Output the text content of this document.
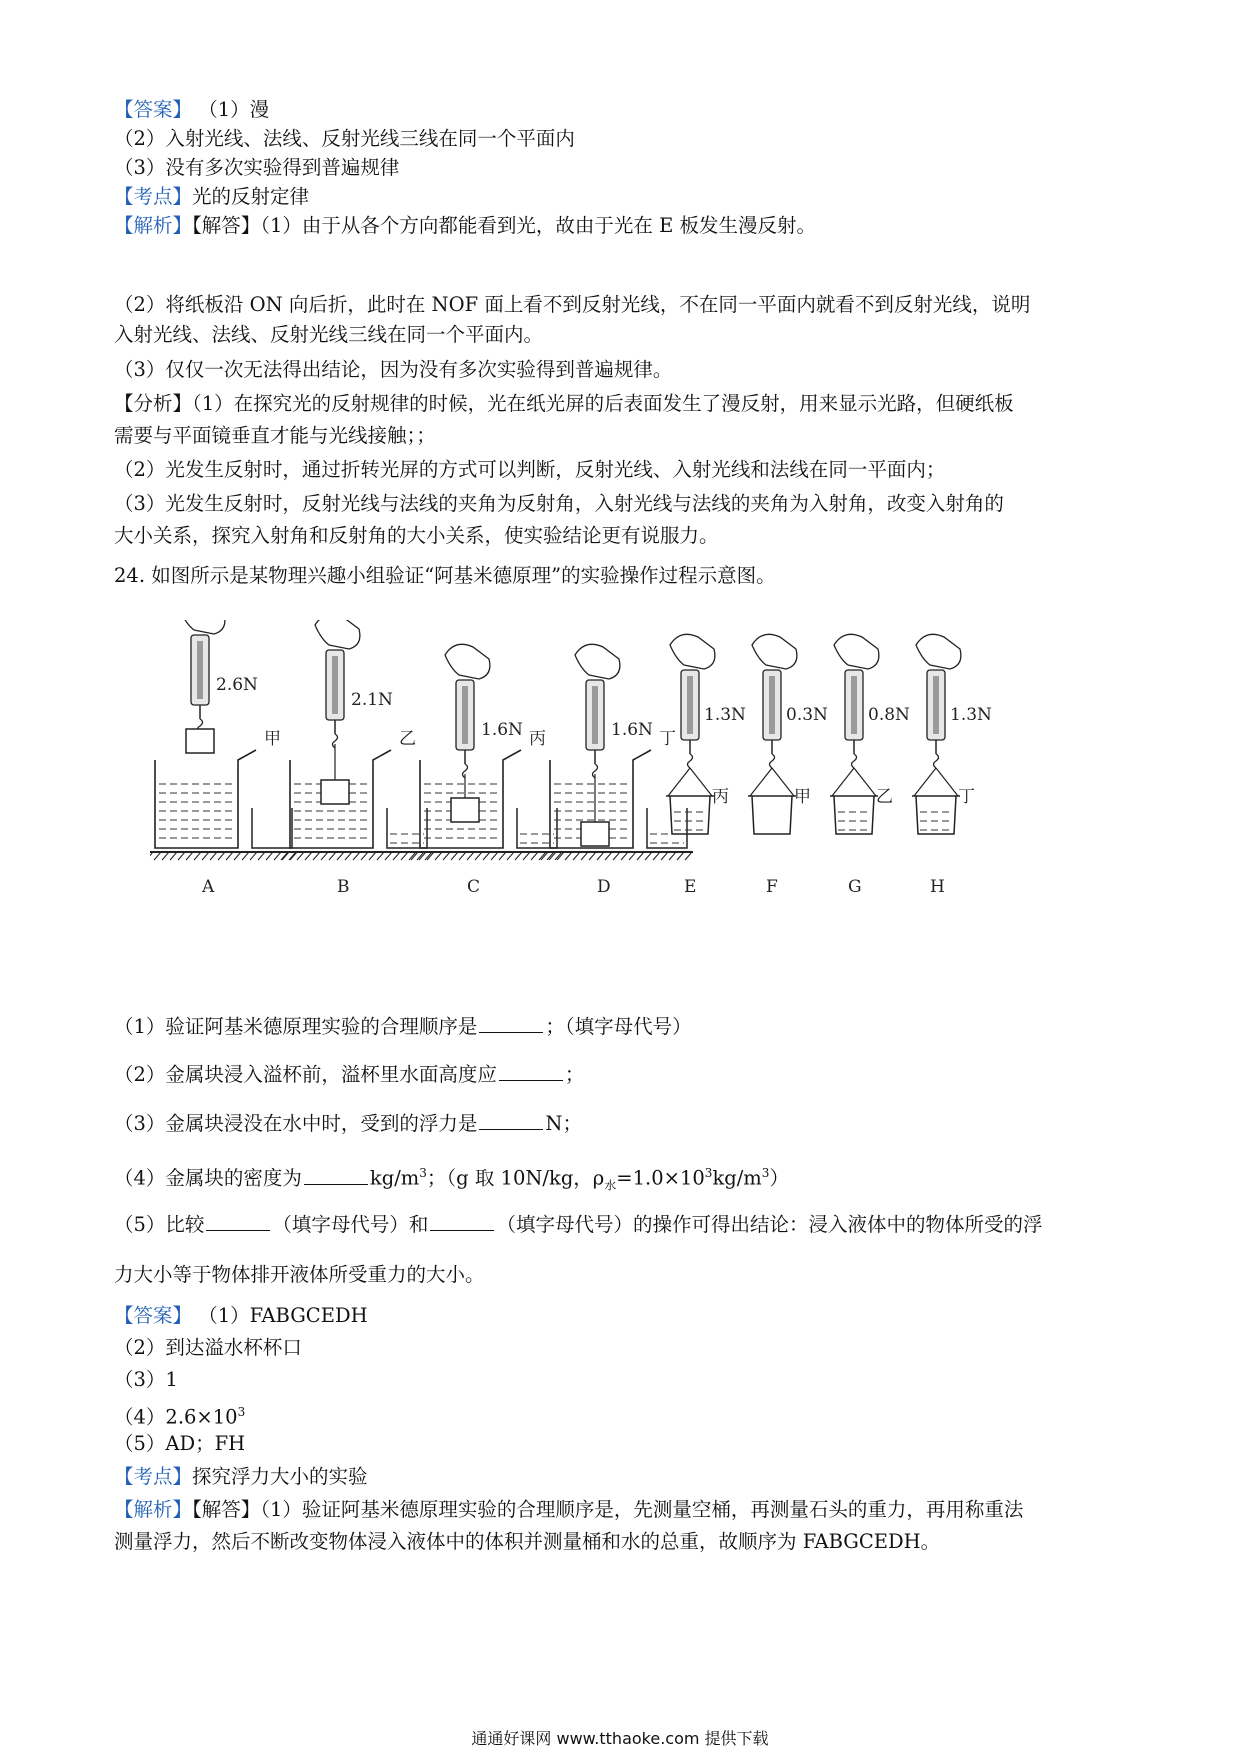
【答案】 （1）漫
（2）入射光线、法线、反射光线三线在同一个平面内
（3）没有多次实验得到普遍规律
【考点】光的反射定律
【解析】【解答】（1）由于从各个方向都能看到光，故由于光在 E 板发生漫反射。
（2）将纸板沿 ON 向后折，此时在 NOF 面上看不到反射光线，不在同一平面内就看不到反射光线，说明
入射光线、法线、反射光线三线在同一个平面内。
（3）仅仅一次无法得出结论，因为没有多次实验得到普遍规律。
【分析】（1）在探究光的反射规律的时候，光在纸光屏的后表面发生了漫反射，用来显示光路，但硬纸板
需要与平面镜垂直才能与光线接触；；
（2）光发生反射时，通过折转光屏的方式可以判断，反射光线、入射光线和法线在同一平面内；
（3）光发生反射时，反射光线与法线的夹角为反射角，入射光线与法线的夹角为入射角，改变入射角的
大小关系，探究入射角和反射角的大小关系，使实验结论更有说服力。
24. 如图所示是某物理兴趣小组验证“阿基米德原理”的实验操作过程示意图。
2.6N
甲
A
2.1N
乙
B
1.6N 丙
C
1.6N 丁
D
1.3N
丙
E
0.3N
甲
F
0.8N
乙
G
1.3N
丁
H
（1）验证阿基米德原理实验的合理顺序是	；（填字母代号）
（2）金属块浸入溢杯前，溢杯里水面高度应	；
（3）金属块浸没在水中时，受到的浮力是	N；
（4）金属块的密度为	$kg/m^3$；（g 取 10N/kg，$\rho_水=1.0\times 10^3kg/m^3$）
（5）比较	（填字母代号）和	（填字母代号）的操作可得出结论：浸入液体中的物体所受的浮
力大小等于物体排开液体所受重力的大小。
【答案】 （1）FABGCEDH
（2）到达溢水杯杯口
（3）1
$(4)2.6\times 10^3$
（5）AD；FH
【考点】探究浮力大小的实验
【解析】【解答】（1）验证阿基米德原理实验的合理顺序是，先测量空桶，再测量石头的重力，再用称重法
测量浮力，然后不断改变物体浸入液体中的体积并测量桶和水的总重，故顺序为 FABGCEDH。
通通好课网 www.tthaoke.com 提供下载
